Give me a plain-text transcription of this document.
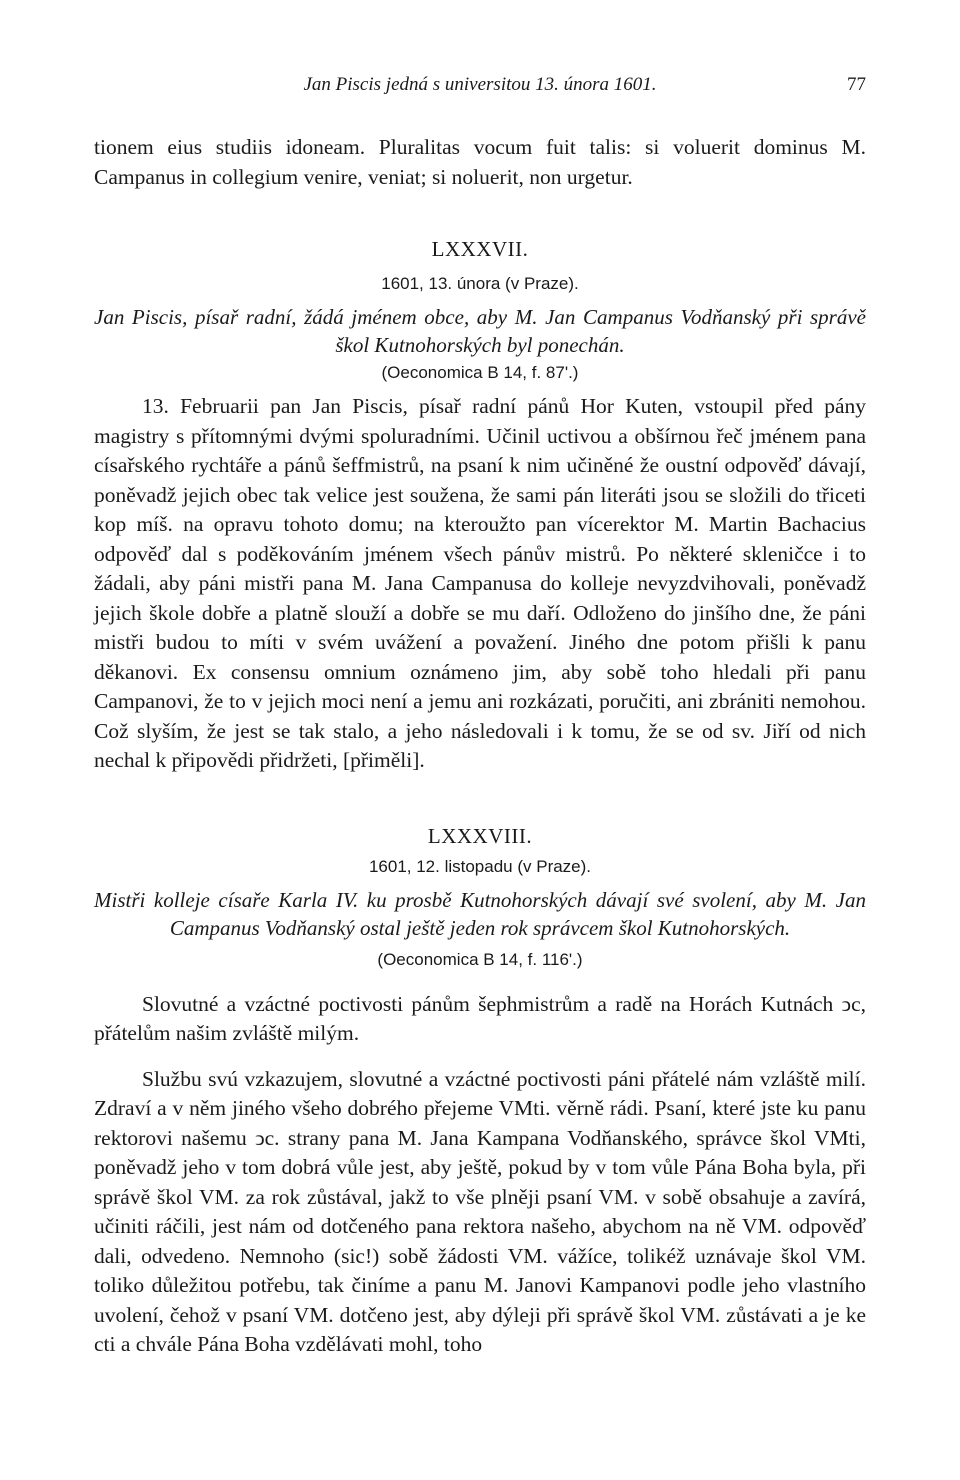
Jan Piscis jedná s universitou 13. února 1601.	77

tionem eius studiis idoneam. Pluralitas vocum fuit talis: si voluerit dominus M. Campanus in collegium venire, veniat; si noluerit, non urgetur.

LXXXVII.

1601, 13. února (v Praze).

Jan Piscis, písař radní, žádá jménem obce, aby M. Jan Campanus Vodňanský při správě škol Kutnohorských byl ponechán.

(Oeconomica B 14, f. 87'.)

13. Februarii pan Jan Piscis, písař radní pánů Hor Kuten, vstoupil před pány magistry s přítomnými dvými spoluradními. Učinil uctivou a obšírnou řeč jménem pana císařského rychtáře a pánů šeffmistrů, na psaní k nim učiněné že oustní odpověď dávají, poněvadž jejich obec tak velice jest soužena, že sami pán literáti jsou se složili do třiceti kop míš. na opravu tohoto domu; na kteroužto pan vícerektor M. Martin Bachacius odpověď dal s poděkováním jménem všech pánův mistrů. Po některé skleničce i to žádali, aby páni mistři pana M. Jana Campanusa do kolleje nevyzdvihovali, poněvadž jejich škole dobře a platně slouží a dobře se mu daří. Odloženo do jinšího dne, že páni mistři budou to míti v svém uvážení a považení. Jiného dne potom přišli k panu děkanovi. Ex consensu omnium oznámeno jim, aby sobě toho hledali při panu Campanovi, že to v jejich moci není a jemu ani rozkázati, poručiti, ani zbrániti nemohou. Což slyším, že jest se tak stalo, a jeho následovali i k tomu, že se od sv. Jiří od nich nechal k připovědi přidržeti, [přiměli].

LXXXVIII.

1601, 12. listopadu (v Praze).

Mistři kolleje císaře Karla IV. ku prosbě Kutnohorských dávají své svolení, aby M. Jan Campanus Vodňanský ostal ještě jeden rok správcem škol Kutnohorských.

(Oeconomica B 14, f. 116'.)

Slovutné a vzáctné poctivosti pánům šephmistrům a radě na Horách Kutnách ↄc, přátelům našim zvláště milým.

Službu svú vzkazujem, slovutné a vzáctné poctivosti páni přátelé nám vzláště milí. Zdraví a v něm jiného všeho dobrého přejeme VMti. věrně rádi. Psaní, které jste ku panu rektorovi našemu ↄc. strany pana M. Jana Kampana Vodňanského, správce škol VMti, poněvadž jeho v tom dobrá vůle jest, aby ještě, pokud by v tom vůle Pána Boha byla, při správě škol VM. za rok zůstával, jakž to vše plněji psaní VM. v sobě obsahuje a zavírá, učiniti ráčili, jest nám od dotčeného pana rektora našeho, abychom na ně VM. odpověď dali, odvedeno. Nemnoho (sic!) sobě žádosti VM. vážíce, tolikéž uznávaje škol VM. toliko důležitou potřebu, tak činíme a panu M. Janovi Kampanovi podle jeho vlastního uvolení, čehož v psaní VM. dotčeno jest, aby dýleji při správě škol VM. zůstávati a je ke cti a chvále Pána Boha vzdělávati mohl, toho
